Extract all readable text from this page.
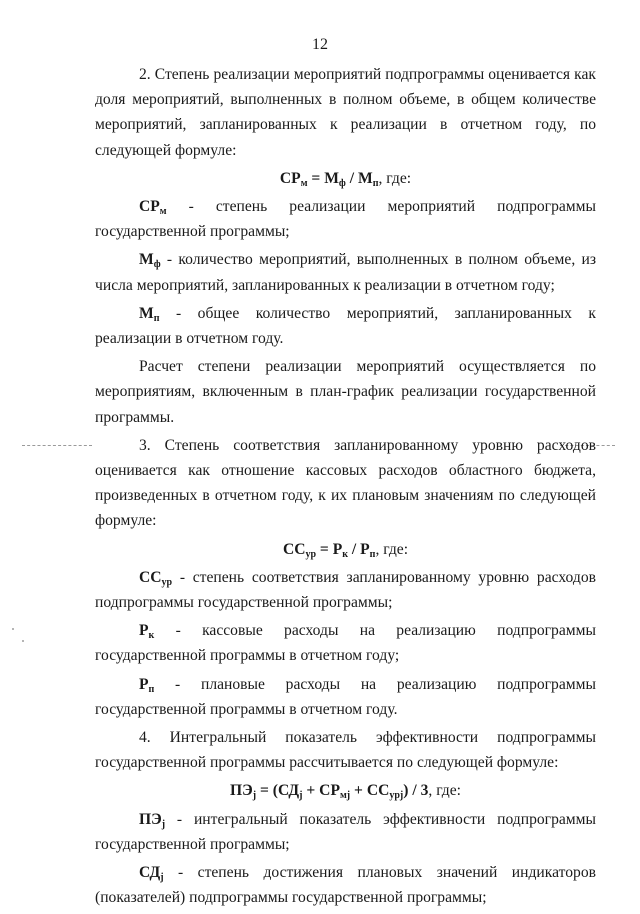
12

2. Степень реализации мероприятий подпрограммы оценивается как доля мероприятий, выполненных в полном объеме, в общем количестве мероприятий, запланированных к реализации в отчетном году, по следующей формуле:

$СР_м = М_ф / М_п$, где:

$СР_м$ - степень реализации мероприятий подпрограммы государственной программы;

$М_ф$ - количество мероприятий, выполненных в полном объеме, из числа мероприятий, запланированных к реализации в отчетном году;

$М_п$ - общее количество мероприятий, запланированных к реализации в отчетном году.

Расчет степени реализации мероприятий осуществляется по мероприятиям, включенным в план-график реализации государственной программы.

3. Степень соответствия запланированному уровню расходов оценивается как отношение кассовых расходов областного бюджета, произведенных в отчетном году, к их плановым значениям по следующей формуле:

$СС_{ур} = Р_к / Р_п$, где:

$СС_{ур}$ - степень соответствия запланированному уровню расходов подпрограммы государственной программы;

$Р_к$ - кассовые расходы на реализацию подпрограммы государственной программы в отчетном году;

$Р_п$ - плановые расходы на реализацию подпрограммы государственной программы в отчетном году.

4. Интегральный показатель эффективности подпрограммы государственной программы рассчитывается по следующей формуле:

$ПЭ_j = (СД_j + СР_{мj} + СС_{урj}) / 3$, где:

$ПЭ_j$ - интегральный показатель эффективности подпрограммы государственной программы;

$СД_j$ - степень достижения плановых значений индикаторов (показателей) подпрограммы государственной программы;
